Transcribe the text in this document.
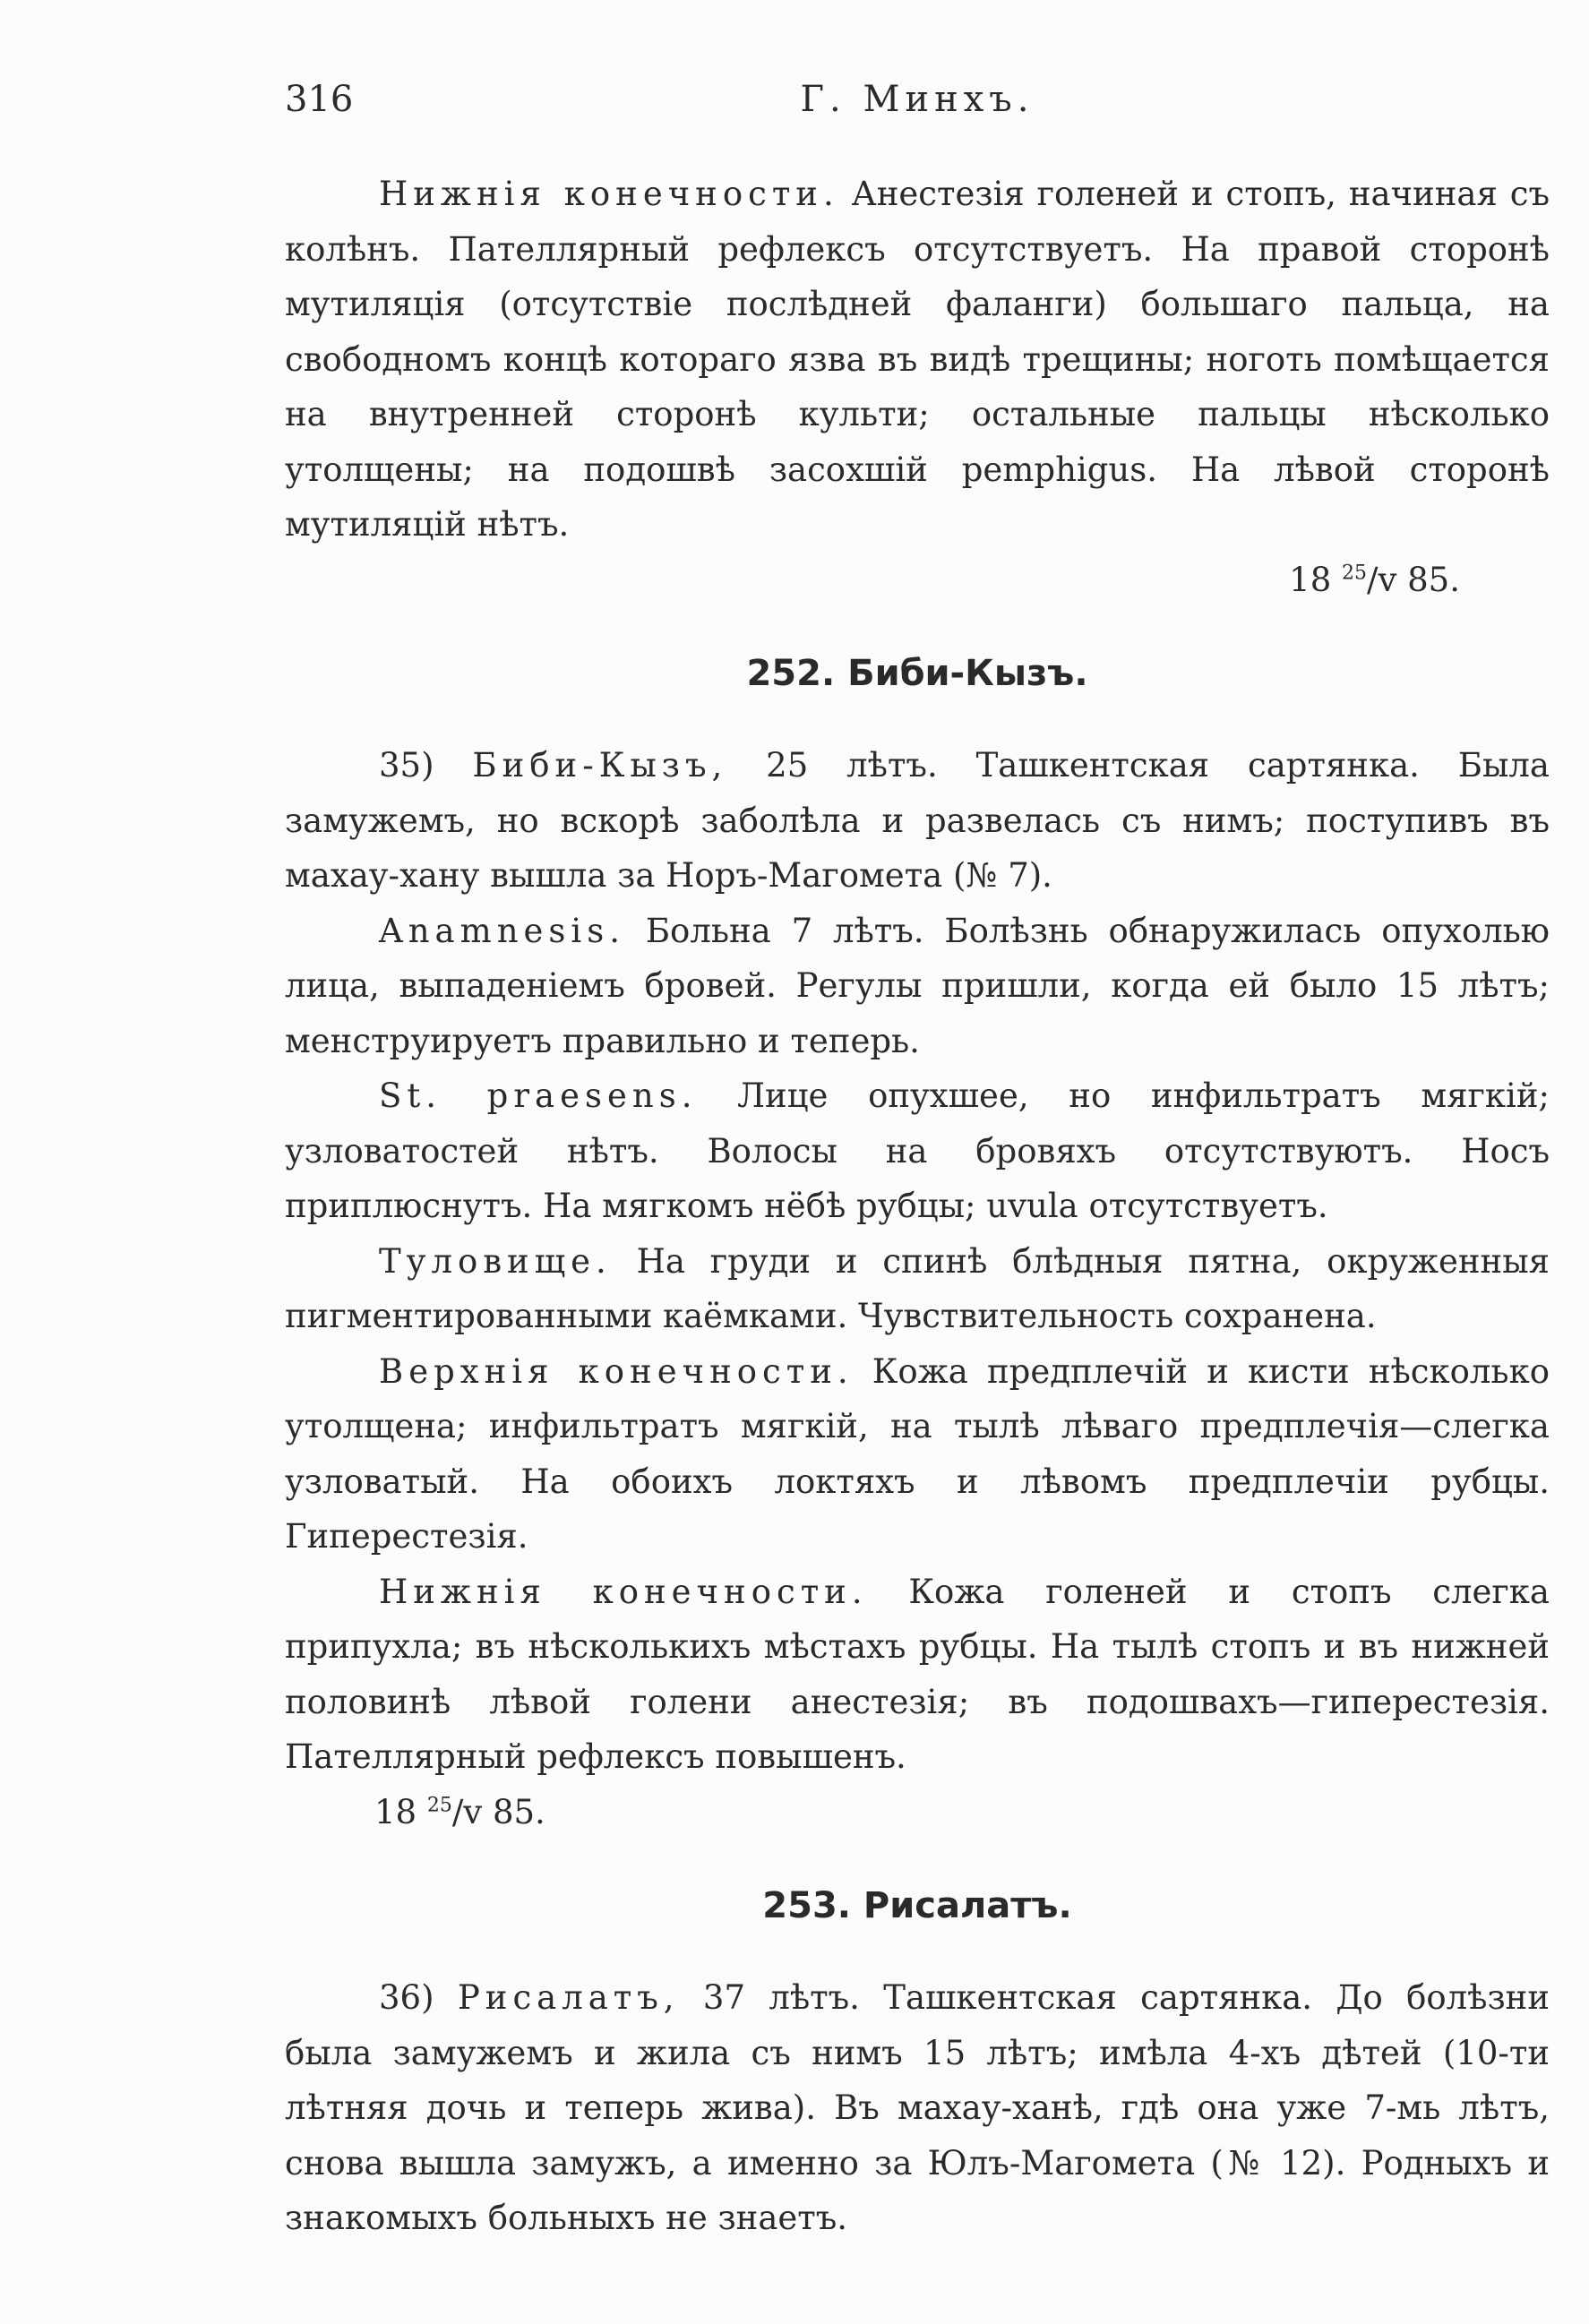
316	Г. Минхъ.

Нижнія конечности. Анестезія голеней и стопъ, начиная съ колѣнъ. Пателлярный рефлексъ отсутствуетъ. На правой сторонѣ мутиляція (отсутствіе послѣдней фаланги) большаго пальца, на свободномъ концѣ котораго язва въ видѣ трещины; ноготь помѣщается на внутренней сторонѣ культи; остальные пальцы нѣсколько утолщены; на подошвѣ засохшій pemphigus. На лѣвой сторонѣ мутиляцій нѣтъ.
18 $^{25}$/v 85.

252. Биби-Кызъ.

35) Биби-Кызъ, 25 лѣтъ. Ташкентская сартянка. Была замужемъ, но вскорѣ заболѣла и развелась съ нимъ; поступивъ въ махау-хану вышла за Норъ-Магомета (№ 7).

Anamnesis. Больна 7 лѣтъ. Болѣзнь обнаружилась опухолью лица, выпаденіемъ бровей. Регулы пришли, когда ей было 15 лѣтъ; менструируетъ правильно и теперь.

St. praesens. Лице опухшее, но инфильтратъ мягкій; узловатостей нѣтъ. Волосы на бровяхъ отсутствуютъ. Носъ приплюснутъ. На мягкомъ нёбѣ рубцы; uvula отсутствуетъ.

Туловище. На груди и спинѣ блѣдныя пятна, окруженныя пигментированными каёмками. Чувствительность сохранена.

Верхнія конечности. Кожа предплечій и кисти нѣсколько утолщена; инфильтратъ мягкій, на тылѣ лѣваго предплечія—слегка узловатый. На обоихъ локтяхъ и лѣвомъ предплечіи рубцы. Гиперестезія.

Нижнія конечности. Кожа голеней и стопъ слегка припухла; въ нѣсколькихъ мѣстахъ рубцы. На тылѣ стопъ и въ нижней половинѣ лѣвой голени анестезія; въ подошвахъ—гиперестезія. Пателлярный рефлексъ повышенъ.

18 $^{25}$/v 85.

253. Рисалатъ.

36) Рисалатъ, 37 лѣтъ. Ташкентская сартянка. До болѣзни была замужемъ и жила съ нимъ 15 лѣтъ; имѣла 4-хъ дѣтей (10-ти лѣтняя дочь и теперь жива). Въ махау-ханѣ, гдѣ она уже 7-мь лѣтъ, снова вышла замужъ, а именно за Юлъ-Магомета (№ 12). Родныхъ и знакомыхъ больныхъ не знаетъ.
